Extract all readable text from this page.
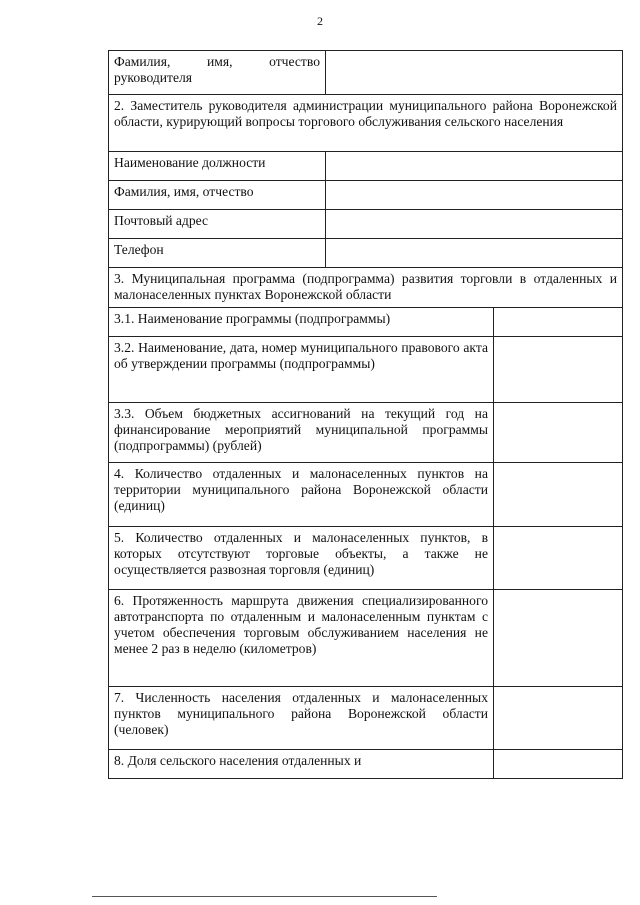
2
Фамилия, имя, отчество руководителя		
2. Заместитель руководителя администрации муниципального района Воронежской области, курирующий вопросы торгового обслуживания сельского населения		
Наименование должности		
Фамилия, имя, отчество		
Почтовый адрес		
Телефон		
3. Муниципальная программа (подпрограмма) развития торговли в отдаленных и малонаселенных пунктах Воронежской области		
3.1. Наименование программы (подпрограммы)		
3.2. Наименование, дата, номер муниципального правового акта об утверждении программы (подпрограммы)		
3.3. Объем бюджетных ассигнований на текущий год на финансирование мероприятий муниципальной программы (подпрограммы) (рублей)		
4. Количество отдаленных и малонаселенных пунктов на территории муниципального района Воронежской области (единиц)		
5. Количество отдаленных и малонаселенных пунктов, в которых отсутствуют торговые объекты, а также не осуществляется развозная торговля (единиц)		
6. Протяженность маршрута движения специализированного автотранспорта по отдаленным и малонаселенным пунктам с учетом обеспечения торговым обслуживанием населения не менее 2 раз в неделю (километров)		
7. Численность населения отдаленных и малонаселенных пунктов муниципального района Воронежской области (человек)		
8. Доля сельского населения отдаленных и		
